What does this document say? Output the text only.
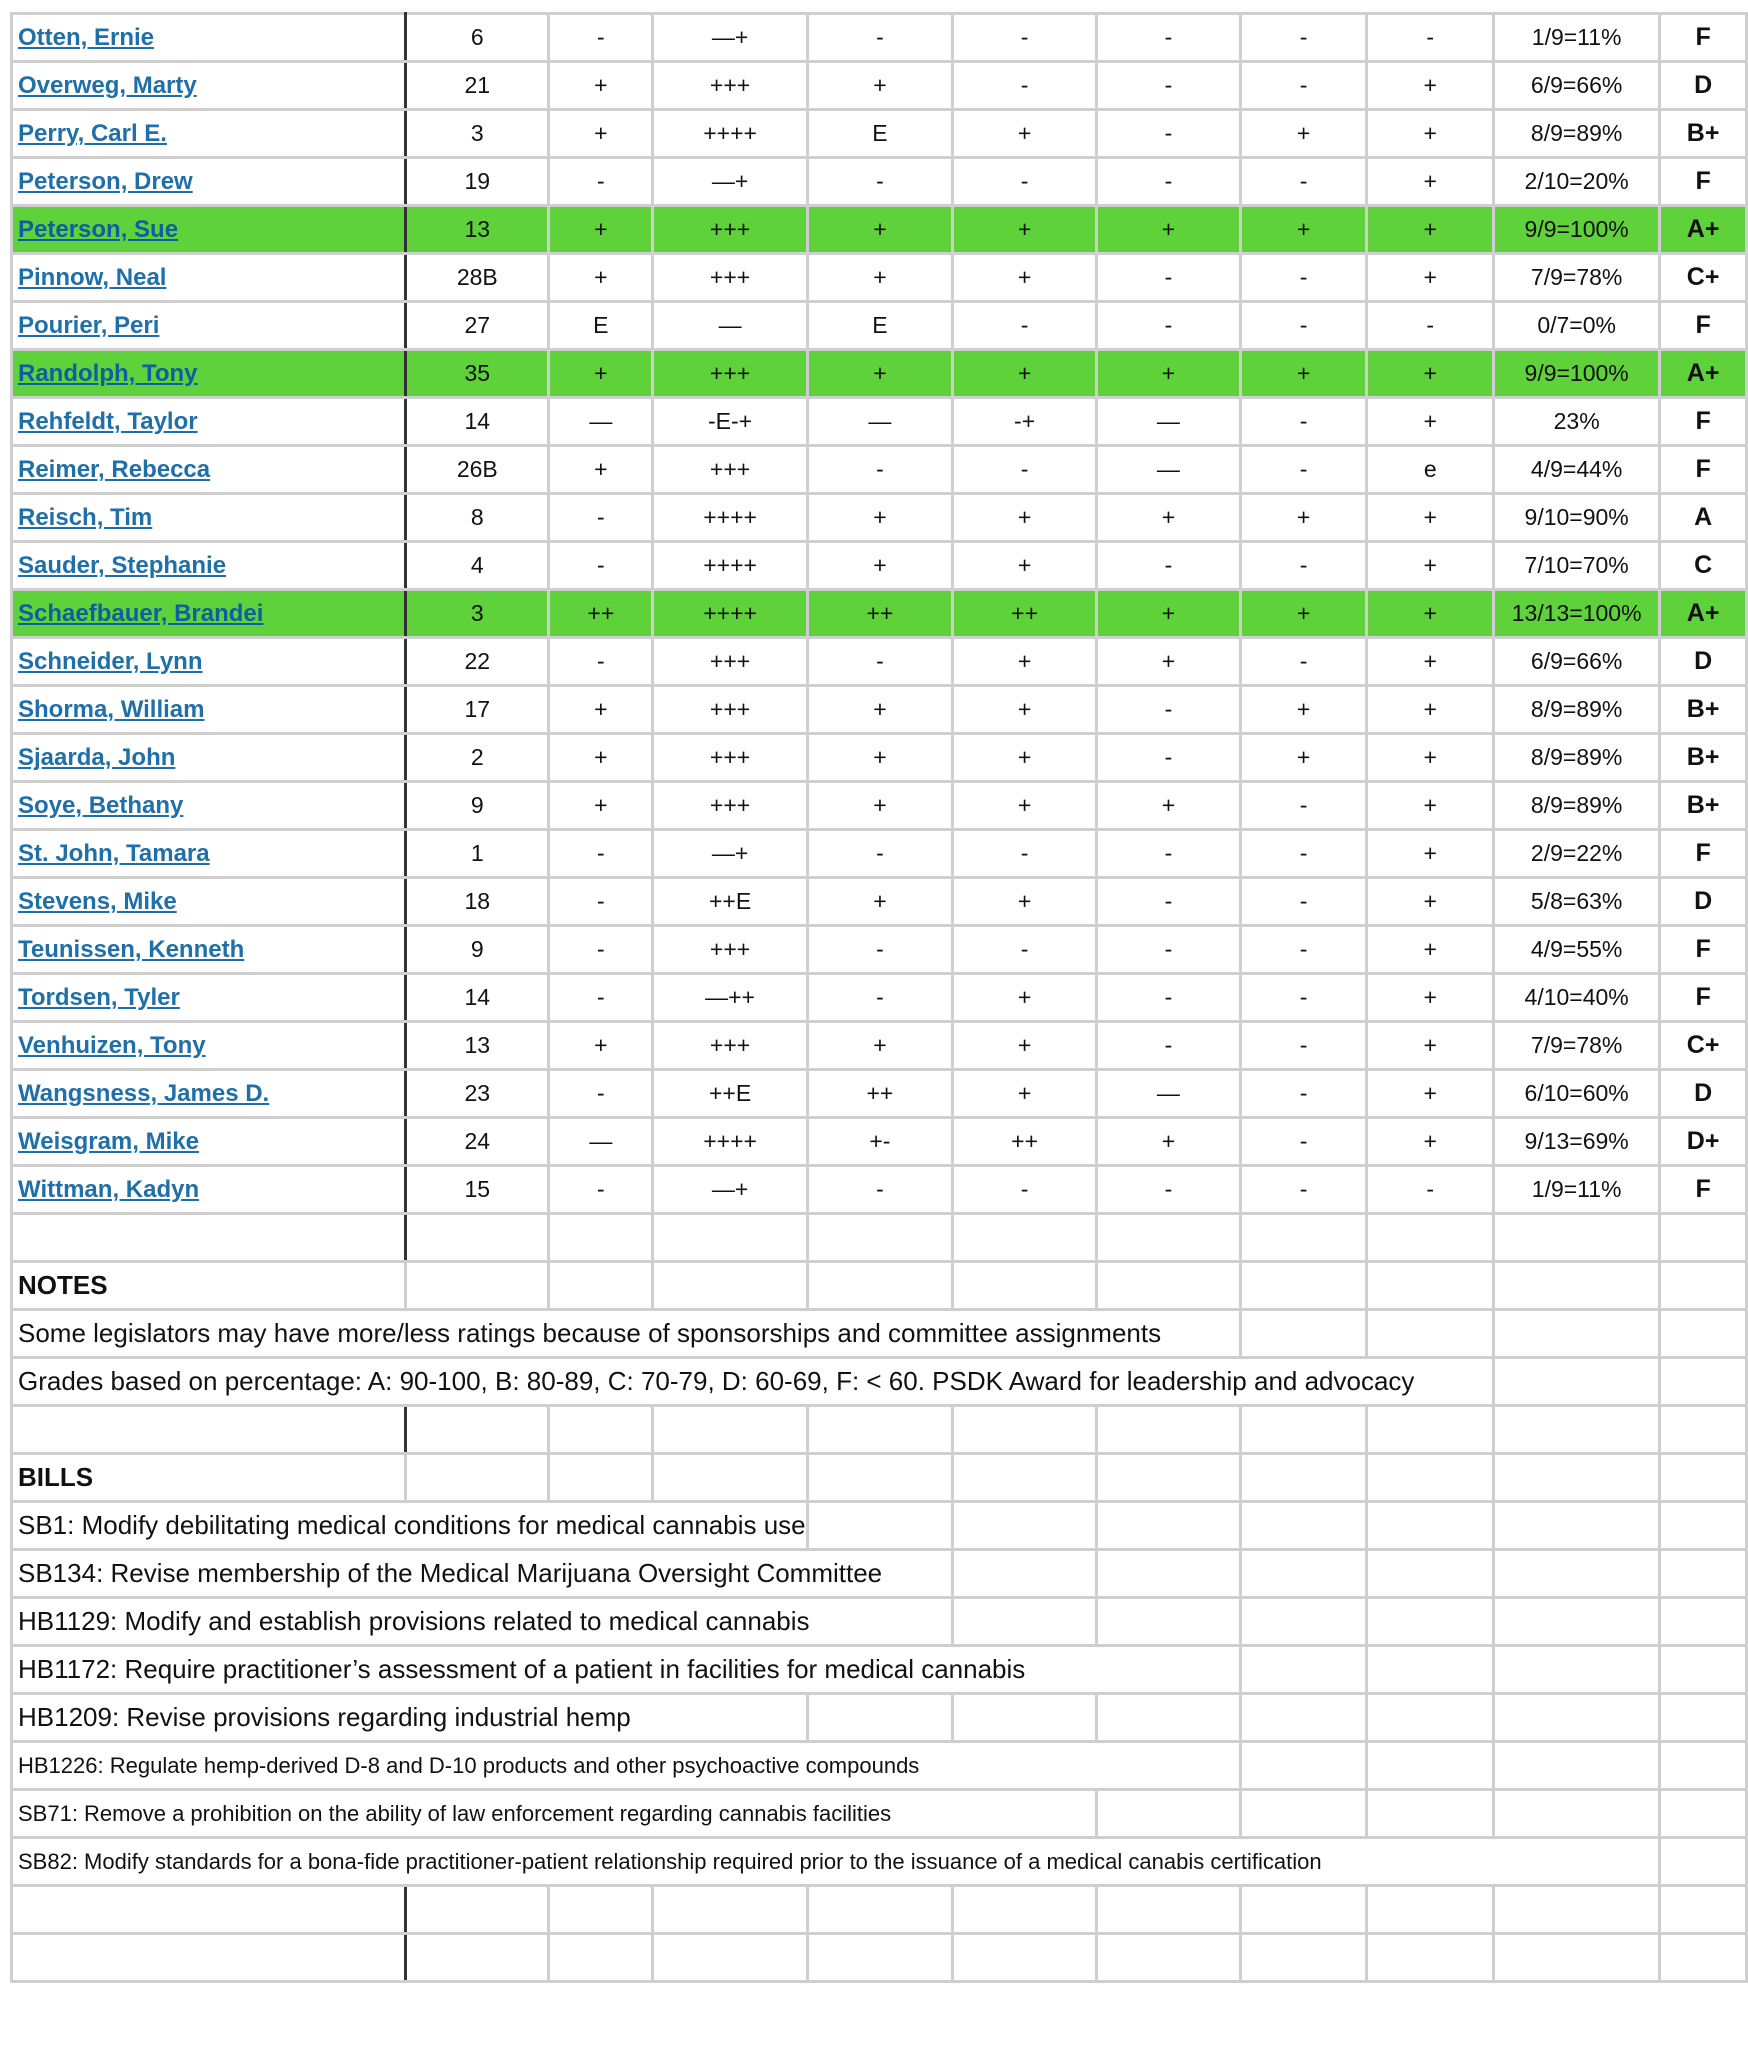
Otten, Ernie	6	-	—+	-	-	-	-	-	1/9=11%	F
Overweg, Marty	21	+	+++	+	-	-	-	+	6/9=66%	D
Perry, Carl E.	3	+	++++	E	+	-	+	+	8/9=89%	B+
Peterson, Drew	19	-	—+	-	-	-	-	+	2/10=20%	F
Peterson, Sue	13	+	+++	+	+	+	+	+	9/9=100%	A+
Pinnow, Neal	28B	+	+++	+	+	-	-	+	7/9=78%	C+
Pourier, Peri	27	E	—	E	-	-	-	-	0/7=0%	F
Randolph, Tony	35	+	+++	+	+	+	+	+	9/9=100%	A+
Rehfeldt, Taylor	14	—	-E-+	—	-+	—	-	+	23%	F
Reimer, Rebecca	26B	+	+++	-	-	—	-	e	4/9=44%	F
Reisch, Tim	8	-	++++	+	+	+	+	+	9/10=90%	A
Sauder, Stephanie	4	-	++++	+	+	-	-	+	7/10=70%	C
Schaefbauer, Brandei	3	++	++++	++	++	+	+	+	13/13=100%	A+
Schneider, Lynn	22	-	+++	-	+	+	-	+	6/9=66%	D
Shorma, William	17	+	+++	+	+	-	+	+	8/9=89%	B+
Sjaarda, John	2	+	+++	+	+	-	+	+	8/9=89%	B+
Soye, Bethany	9	+	+++	+	+	+	-	+	8/9=89%	B+
St. John, Tamara	1	-	—+	-	-	-	-	+	2/9=22%	F
Stevens, Mike	18	-	++E	+	+	-	-	+	5/8=63%	D
Teunissen, Kenneth	9	-	+++	-	-	-	-	+	4/9=55%	F
Tordsen, Tyler	14	-	—++	-	+	-	-	+	4/10=40%	F
Venhuizen, Tony	13	+	+++	+	+	-	-	+	7/9=78%	C+
Wangsness, James D.	23	-	++E	++	+	—	-	+	6/10=60%	D
Weisgram, Mike	24	—	++++	+-	++	+	-	+	9/13=69%	D+
Wittman, Kadyn	15	-	—+	-	-	-	-	-	1/9=11%	F

NOTES										
Some legislators may have more/less ratings because of sponsorships and committee assignments										
Grades based on percentage: A: 90-100, B: 80-89, C: 70-79, D: 60-69, F: < 60. PSDK Award for leadership and advocacy										

BILLS										
SB1: Modify debilitating medical conditions for medical cannabis use										
SB134: Revise membership of the Medical Marijuana Oversight Committee										
HB1129: Modify and establish provisions related to medical cannabis										
HB1172: Require practitioner’s assessment of a patient in facilities for medical cannabis										
HB1209: Revise provisions regarding industrial hemp										
HB1226: Regulate hemp-derived D-8 and D-10 products and other psychoactive compounds										
SB71: Remove a prohibition on the ability of law enforcement regarding cannabis facilities										
SB82: Modify standards for a bona-fide practitioner-patient relationship required prior to the issuance of a medical canabis certification										
